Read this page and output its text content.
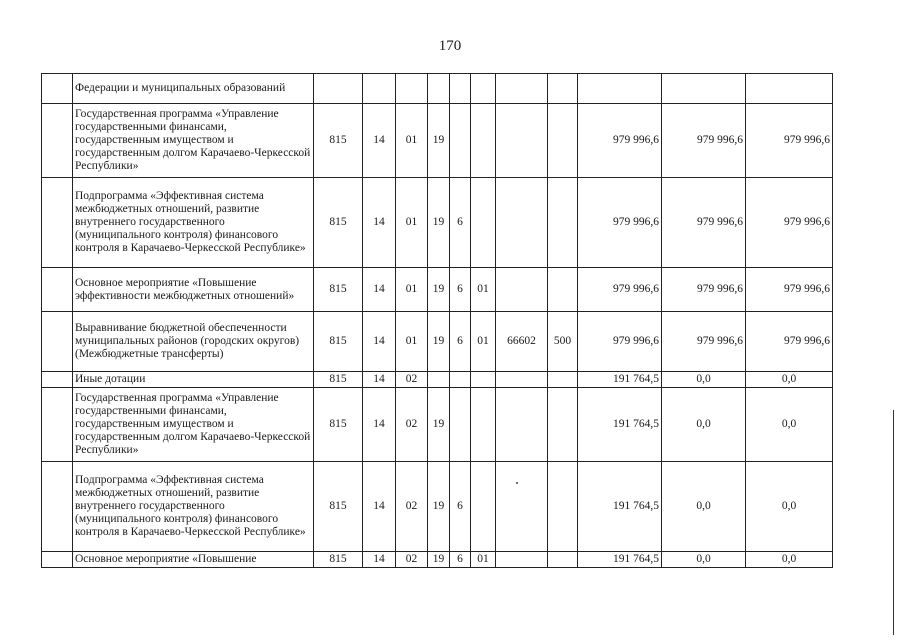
170
	Федерации и муниципальных образований											
	Государственная программа «Управление государственными финансами, государственным имуществом и государственным долгом Карачаево-Черкесской Республики»	815	14	01	19					979 996,6	979 996,6	979 996,6
	Подпрограмма «Эффективная система межбюджетных отношений, развитие внутреннего государственного (муниципального контроля) финансового контроля в Карачаево-Черкесской Республике»	815	14	01	19	6				979 996,6	979 996,6	979 996,6
	Основное мероприятие «Повышение эффективности межбюджетных отношений»	815	14	01	19	6	01			979 996,6	979 996,6	979 996,6
	Выравнивание бюджетной обеспеченности муниципальных районов (городских округов) (Межбюджетные трансферты)	815	14	01	19	6	01	66602	500	979 996,6	979 996,6	979 996,6
	Иные дотации	815	14	02						191 764,5	0,0	0,0
	Государственная программа «Управление государственными финансами, государственным имуществом и государственным долгом Карачаево-Черкесской Республики»	815	14	02	19					191 764,5	0,0	0,0
	Подпрограмма «Эффективная система межбюджетных отношений, развитие внутреннего государственного (муниципального контроля) финансового контроля в Карачаево-Черкесской Республике»	815	14	02	19	6				191 764,5	0,0	0,0
	Основное мероприятие «Повышение	815	14	02	19	6	01			191 764,5	0,0	0,0
